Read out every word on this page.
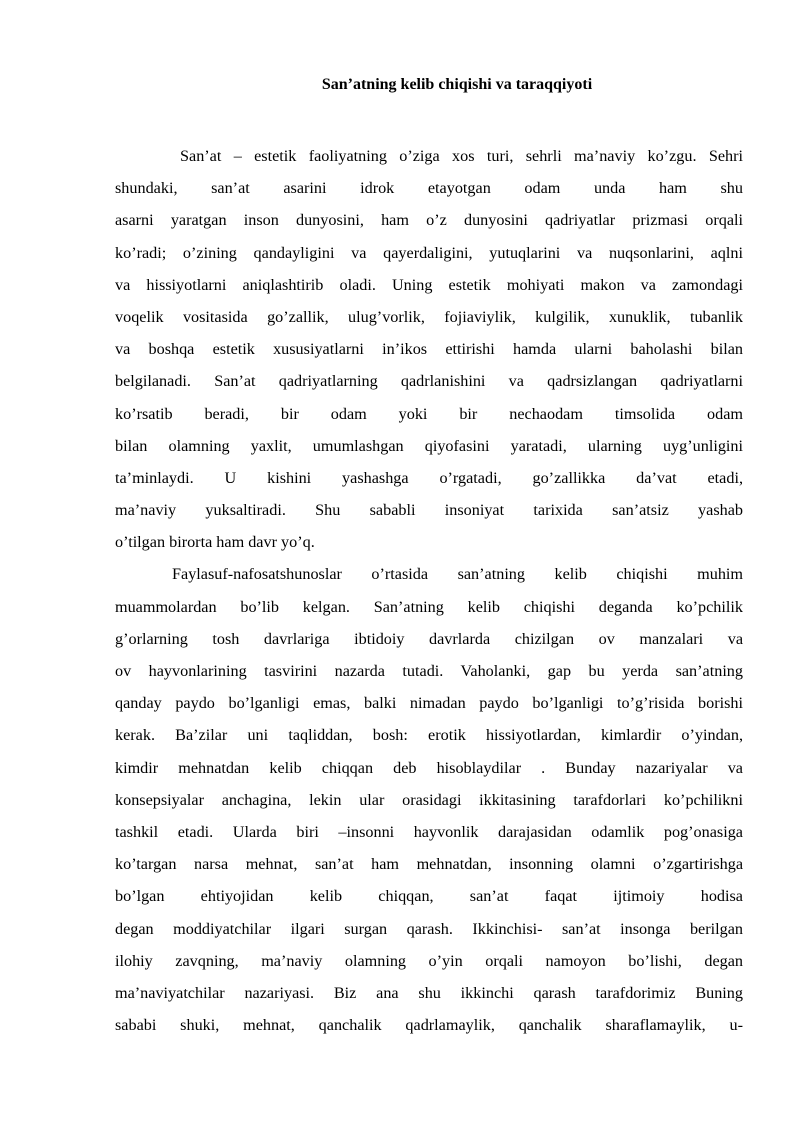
San’atning kelib chiqishi va taraqqiyoti
San’at – estetik faoliyatning o’ziga xos turi, sehrli ma’naviy ko’zgu. Sehri
shundaki, san’at asarini idrok etayotgan odam unda ham shu
asarni yaratgan inson dunyosini, ham o’z dunyosini qadriyatlar prizmasi orqali
ko’radi; o’zining qandayligini va qayerdaligini, yutuqlarini va nuqsonlarini, aqlni
va hissiyotlarni aniqlashtirib oladi. Uning estetik mohiyati makon va zamondagi
voqelik vositasida go’zallik, ulug’vorlik, fojiaviylik, kulgilik, xunuklik, tubanlik
va boshqa estetik xususiyatlarni in’ikos ettirishi hamda ularni baholashi bilan
belgilanadi. San’at qadriyatlarning qadrlanishini va qadrsizlangan qadriyatlarni
ko’rsatib beradi, bir odam yoki bir nechaodam timsolida odam
bilan olamning yaxlit, umumlashgan qiyofasini yaratadi, ularning uyg’unligini
ta’minlaydi. U kishini yashashga o’rgatadi, go’zallikka da’vat etadi,
ma’naviy yuksaltiradi. Shu sababli insoniyat tarixida san’atsiz yashab
o’tilgan birorta ham davr yo’q.
Faylasuf-nafosatshunoslar o’rtasida san’atning kelib chiqishi muhim
muammolardan bo’lib kelgan. San’atning kelib chiqishi deganda ko’pchilik
g’orlarning tosh davrlariga ibtidoiy davrlarda chizilgan ov manzalari va
ov hayvonlarining tasvirini nazarda tutadi. Vaholanki, gap bu yerda san’atning
qanday paydo bo’lganligi emas, balki nimadan paydo bo’lganligi to’g’risida borishi
kerak. Ba’zilar uni taqliddan, bosh: erotik hissiyotlardan, kimlardir o’yindan,
kimdir mehnatdan kelib chiqqan deb hisoblaydilar . Bunday nazariyalar va
konsepsiyalar anchagina, lekin ular orasidagi ikkitasining tarafdorlari ko’pchilikni
tashkil etadi. Ularda biri –insonni hayvonlik darajasidan odamlik pog’onasiga
ko’targan narsa mehnat, san’at ham mehnatdan, insonning olamni o’zgartirishga
bo’lgan ehtiyojidan kelib chiqqan, san’at faqat ijtimoiy hodisa
degan moddiyatchilar ilgari surgan qarash. Ikkinchisi- san’at insonga berilgan
ilohiy zavqning, ma’naviy olamning o’yin orqali namoyon bo’lishi, degan
ma’naviyatchilar nazariyasi. Biz ana shu ikkinchi qarash tarafdorimiz Buning
sababi shuki, mehnat, qanchalik qadrlamaylik, qanchalik sharaflamaylik, u-
